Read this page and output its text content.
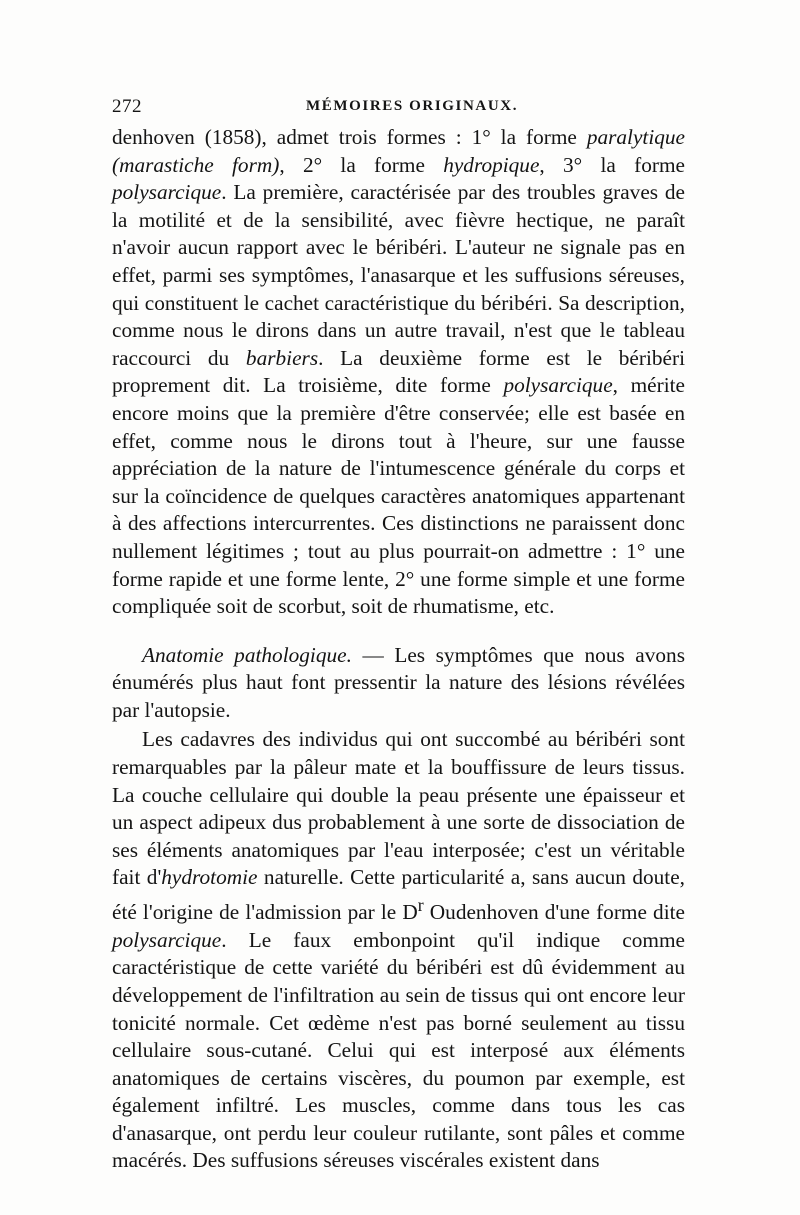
272	MÉMOIRES ORIGINAUX.

denhoven (1858), admet trois formes : 1° la forme paralytique (marastiche form), 2° la forme hydropique, 3° la forme polysarcique. La première, caractérisée par des troubles graves de la motilité et de la sensibilité, avec fièvre hectique, ne paraît n'avoir aucun rapport avec le béribéri. L'auteur ne signale pas en effet, parmi ses symptômes, l'anasarque et les suffusions séreuses, qui constituent le cachet caractéristique du béribéri. Sa description, comme nous le dirons dans un autre travail, n'est que le tableau raccourci du barbiers. La deuxième forme est le béribéri proprement dit. La troisième, dite forme polysarcique, mérite encore moins que la première d'être conservée; elle est basée en effet, comme nous le dirons tout à l'heure, sur une fausse appréciation de la nature de l'intumescence générale du corps et sur la coïncidence de quelques caractères anatomiques appartenant à des affections intercurrentes. Ces distinctions ne paraissent donc nullement légitimes ; tout au plus pourrait-on admettre : 1° une forme rapide et une forme lente, 2° une forme simple et une forme compliquée soit de scorbut, soit de rhumatisme, etc.

Anatomie pathologique. — Les symptômes que nous avons énumérés plus haut font pressentir la nature des lésions révélées par l'autopsie.

Les cadavres des individus qui ont succombé au béribéri sont remarquables par la pâleur mate et la bouffissure de leurs tissus. La couche cellulaire qui double la peau présente une épaisseur et un aspect adipeux dus probablement à une sorte de dissociation de ses éléments anatomiques par l'eau interposée; c'est un véritable fait d'hydrotomie naturelle. Cette particularité a, sans aucun doute, été l'origine de l'admission par le $D^r$ Oudenhoven d'une forme dite polysarcique. Le faux embonpoint qu'il indique comme caractéristique de cette variété du béribéri est dû évidemment au développement de l'infiltration au sein de tissus qui ont encore leur tonicité normale. Cet œdème n'est pas borné seulement au tissu cellulaire sous-cutané. Celui qui est interposé aux éléments anatomiques de certains viscères, du poumon par exemple, est également infiltré. Les muscles, comme dans tous les cas d'anasarque, ont perdu leur couleur rutilante, sont pâles et comme macérés. Des suffusions séreuses viscérales existent dans
